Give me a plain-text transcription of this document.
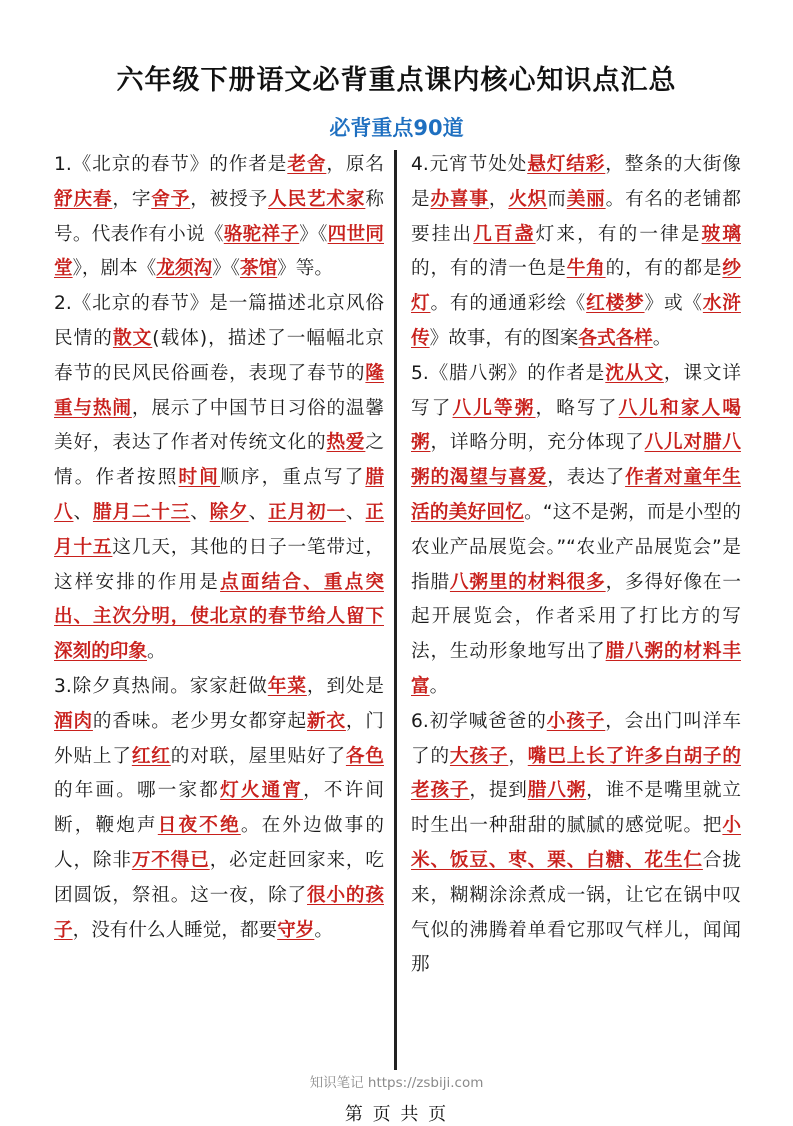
六年级下册语文必背重点课内核心知识点汇总
必背重点90道

1.《北京的春节》的作者是老舍，原名舒庆春，字舍予，被授予人民艺术家称号。代表作有小说《骆驼祥子》《四世同堂》，剧本《龙须沟》《茶馆》等。

2.《北京的春节》是一篇描述北京风俗民情的散文(载体)，描述了一幅幅北京春节的民风民俗画卷，表现了春节的隆重与热闹，展示了中国节日习俗的温馨美好，表达了作者对传统文化的热爱之情。作者按照时间顺序，重点写了腊八、腊月二十三、除夕、正月初一、正月十五这几天，其他的日子一笔带过，这样安排的作用是点面结合、重点突出、主次分明，使北京的春节给人留下深刻的印象。

3.除夕真热闹。家家赶做年菜，到处是酒肉的香味。老少男女都穿起新衣，门外贴上了红红的对联，屋里贴好了各色的年画。哪一家都灯火通宵，不许间断，鞭炮声日夜不绝。在外边做事的人，除非万不得已，必定赶回家来，吃团圆饭，祭祖。这一夜，除了很小的孩子，没有什么人睡觉，都要守岁。

4.元宵节处处悬灯结彩，整条的大街像是办喜事，火炽而美丽。有名的老铺都要挂出几百盏灯来，有的一律是玻璃的，有的清一色是牛角的，有的都是纱灯。有的通通彩绘《红楼梦》或《水浒传》故事，有的图案各式各样。

5.《腊八粥》的作者是沈从文，课文详写了八儿等粥，略写了八儿和家人喝粥，详略分明，充分体现了八儿对腊八粥的渴望与喜爱，表达了作者对童年生活的美好回忆。“这不是粥，而是小型的农业产品展览会。”“农业产品展览会”是指腊八粥里的材料很多，多得好像在一起开展览会，作者采用了打比方的写法，生动形象地写出了腊八粥的材料丰富。

6.初学喊爸爸的小孩子，会出门叫洋车了的大孩子，嘴巴上长了许多白胡子的老孩子，提到腊八粥，谁不是嘴里就立时生出一种甜甜的腻腻的感觉呢。把小米、饭豆、枣、栗、白糖、花生仁合拢来，糊糊涂涂煮成一锅，让它在锅中叹气似的沸腾着单看它那叹气样儿，闻闻那

知识笔记 https://zsbiji.com
第 页 共 页
